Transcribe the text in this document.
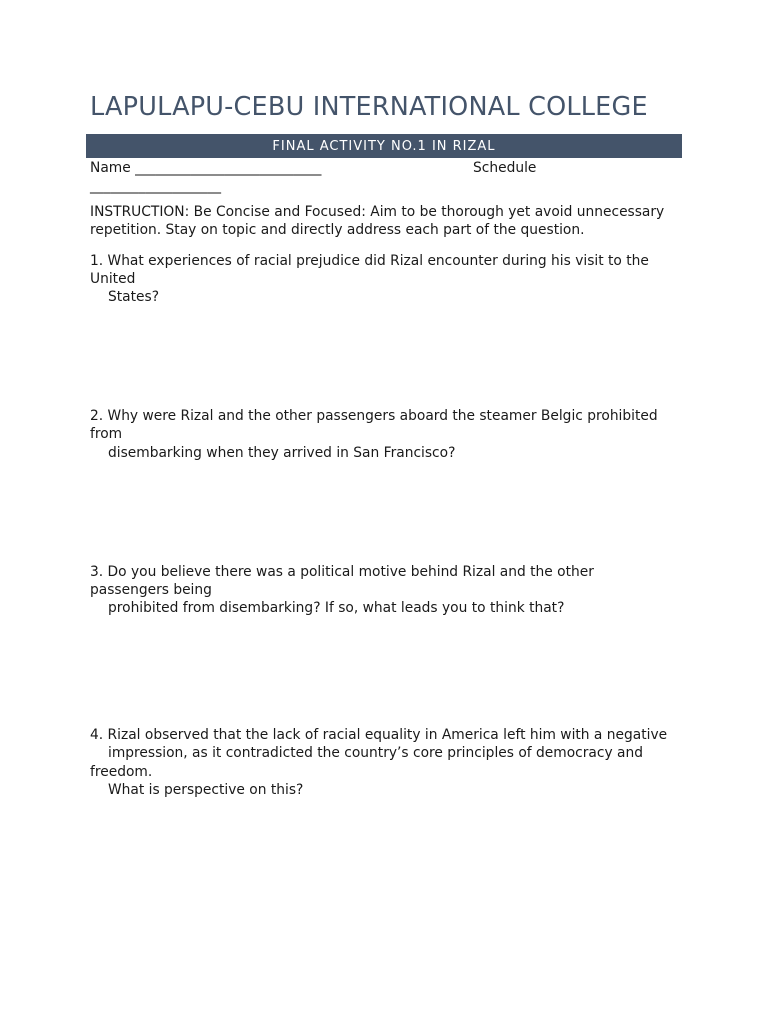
LAPULAPU-CEBU INTERNATIONAL COLLEGE
FINAL ACTIVITY NO.1 IN RIZAL
Name ___________________________	Schedule
___________________
INSTRUCTION: Be Concise and Focused: Aim to be thorough yet avoid unnecessary
repetition. Stay on topic and directly address each part of the question.
1. What experiences of racial prejudice did Rizal encounter during his visit to the
United
States?
2. Why were Rizal and the other passengers aboard the steamer Belgic prohibited
from
disembarking when they arrived in San Francisco?
3. Do you believe there was a political motive behind Rizal and the other
passengers being
prohibited from disembarking? If so, what leads you to think that?
4. Rizal observed that the lack of racial equality in America left him with a negative
impression, as it contradicted the country’s core principles of democracy and
freedom.
What is perspective on this?
